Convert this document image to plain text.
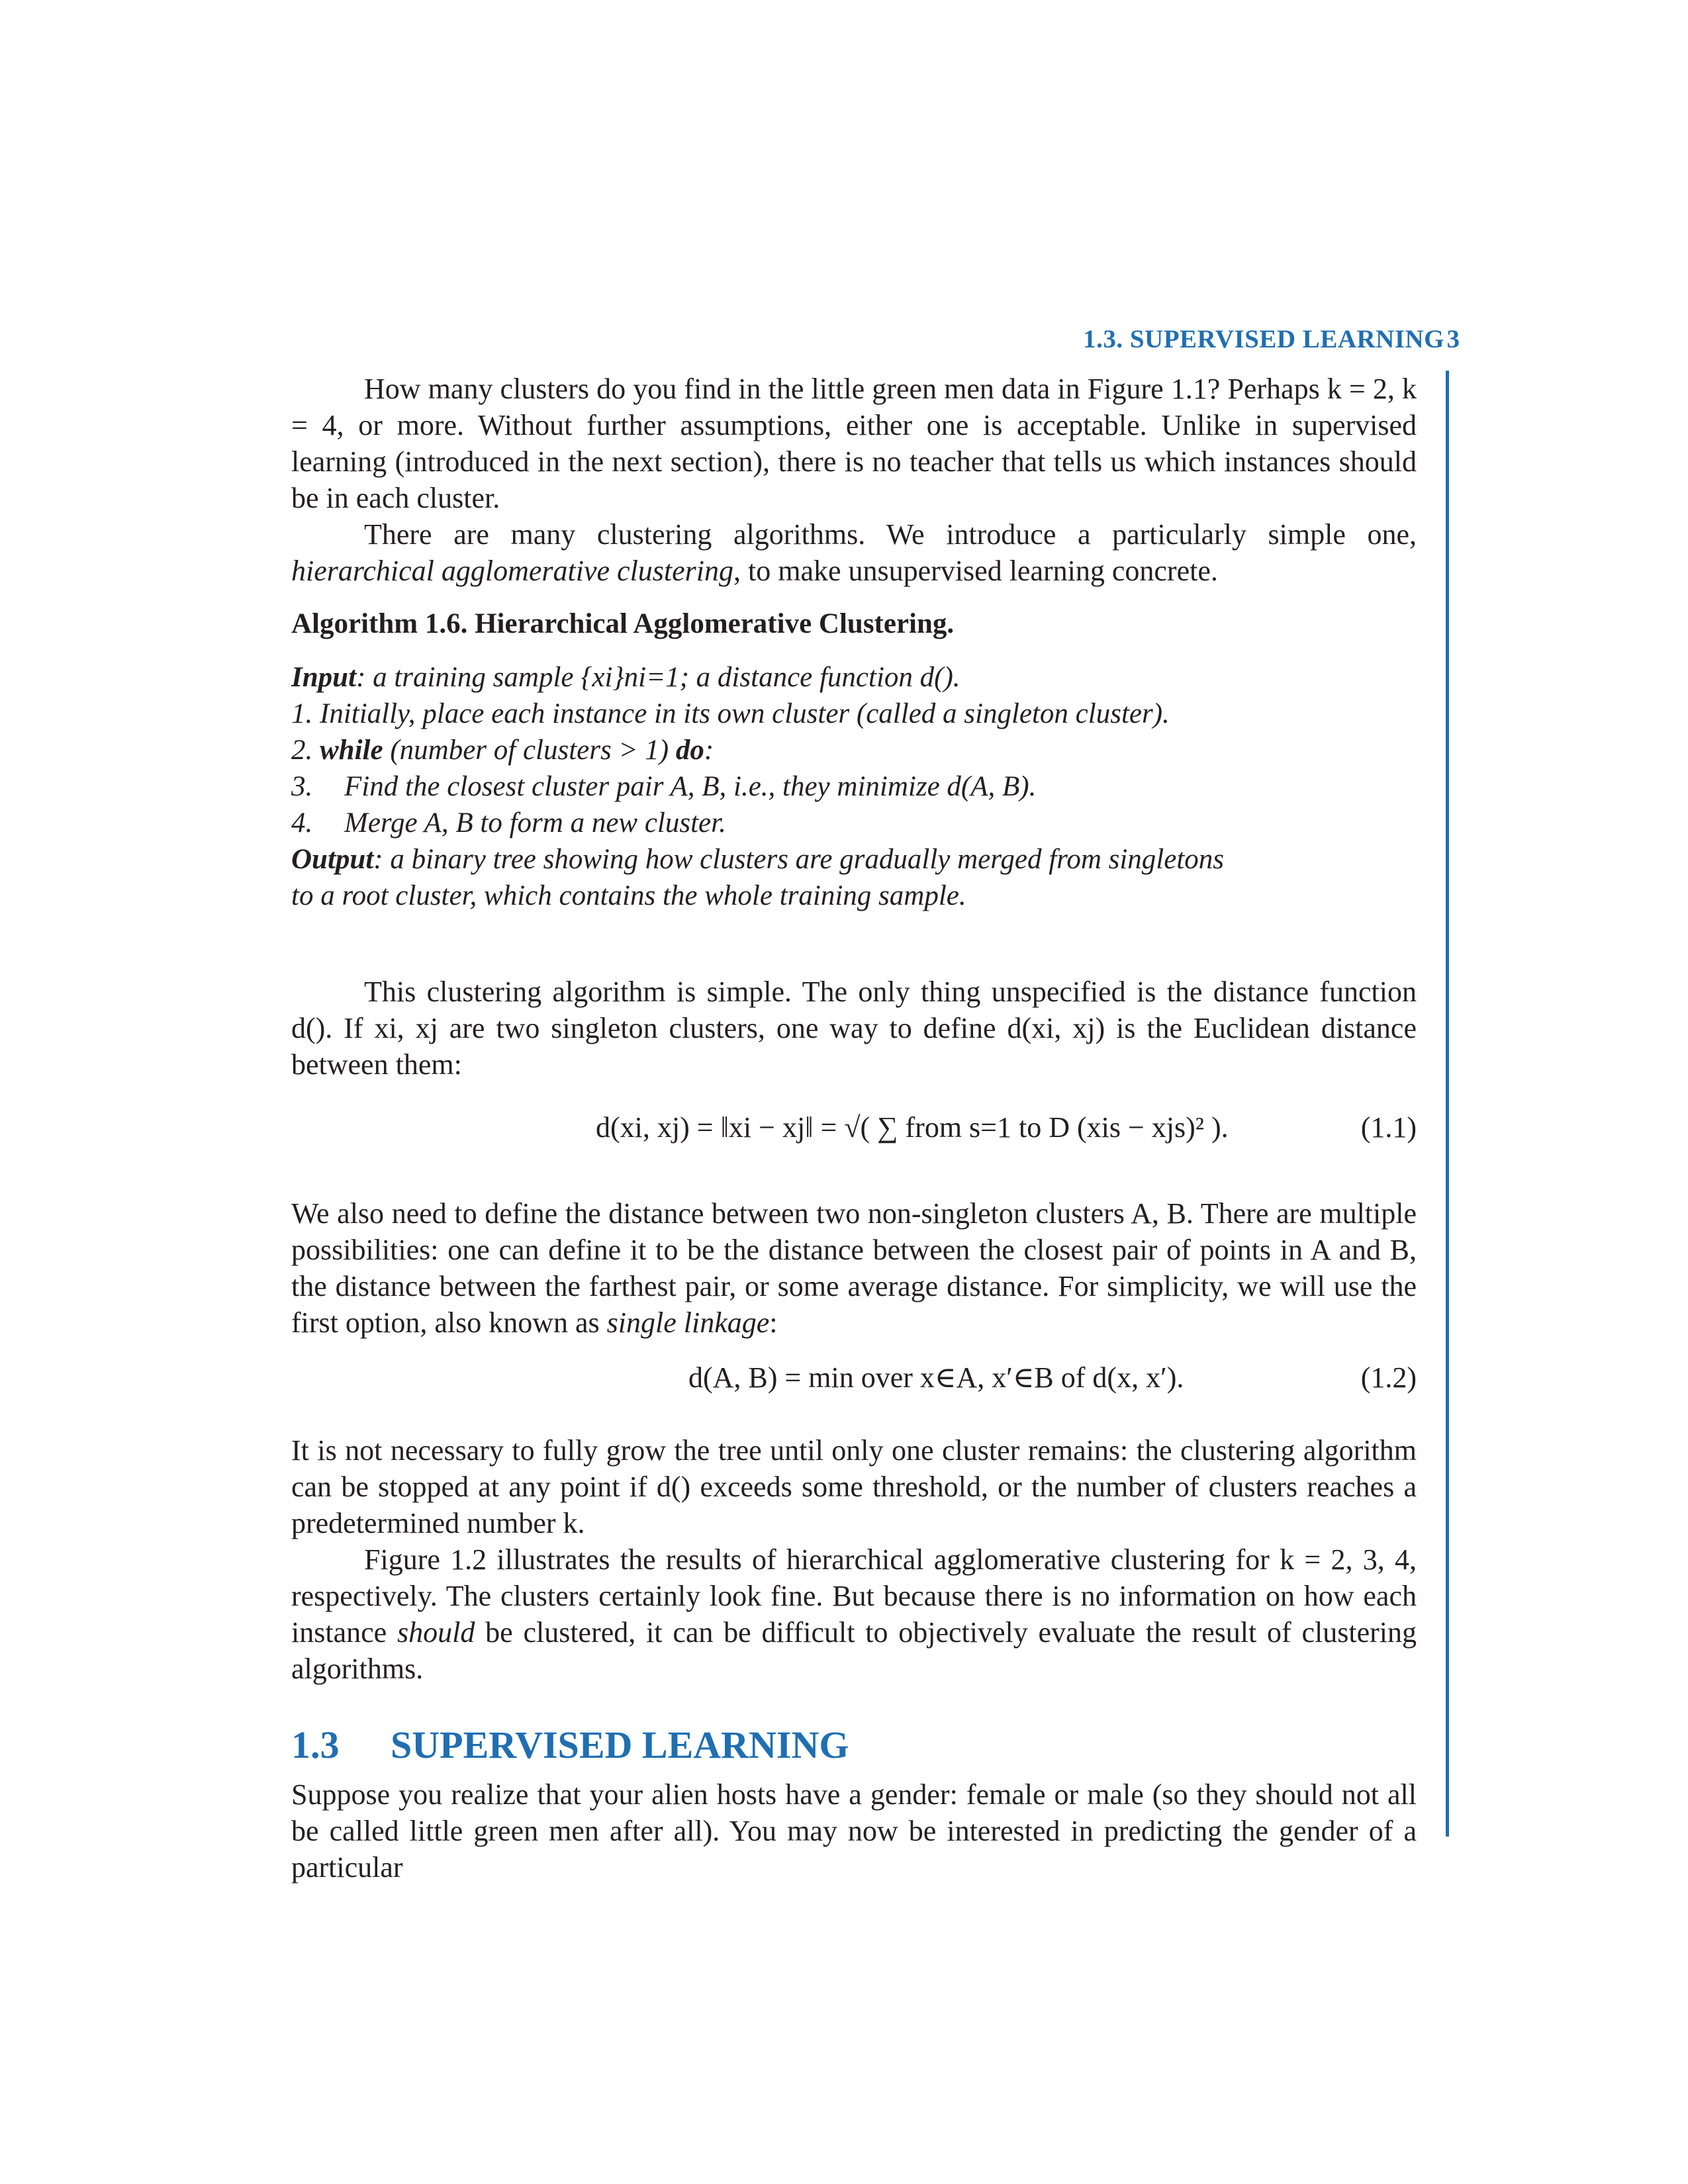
1.3. SUPERVISED LEARNING 3

How many clusters do you find in the little green men data in Figure 1.1? Perhaps k = 2, k = 4, or more. Without further assumptions, either one is acceptable. Unlike in supervised learning (introduced in the next section), there is no teacher that tells us which instances should be in each cluster.

There are many clustering algorithms. We introduce a particularly simple one, hierarchical agglomerative clustering, to make unsupervised learning concrete.

Algorithm 1.6. Hierarchical Agglomerative Clustering.
Input: a training sample {xi}ni=1; a distance function d().
1. Initially, place each instance in its own cluster (called a singleton cluster).
2. while (number of clusters > 1) do:
3. Find the closest cluster pair A, B, i.e., they minimize d(A, B).
4. Merge A, B to form a new cluster.
Output: a binary tree showing how clusters are gradually merged from singletons
to a root cluster, which contains the whole training sample.

This clustering algorithm is simple. The only thing unspecified is the distance function d(). If xi, xj are two singleton clusters, one way to define d(xi, xj) is the Euclidean distance between them:

d(xi, xj) = ‖xi − xj‖ = √( ∑ from s=1 to D (xis − xjs)² ).	(1.1)

We also need to define the distance between two non-singleton clusters A, B. There are multiple possibilities: one can define it to be the distance between the closest pair of points in A and B, the distance between the farthest pair, or some average distance. For simplicity, we will use the first option, also known as single linkage:

d(A, B) = min over x∈A, x′∈B of d(x, x′).	(1.2)

It is not necessary to fully grow the tree until only one cluster remains: the clustering algorithm can be stopped at any point if d() exceeds some threshold, or the number of clusters reaches a predetermined number k.

Figure 1.2 illustrates the results of hierarchical agglomerative clustering for k = 2, 3, 4, respectively. The clusters certainly look fine. But because there is no information on how each instance should be clustered, it can be difficult to objectively evaluate the result of clustering algorithms.

1.3 SUPERVISED LEARNING

Suppose you realize that your alien hosts have a gender: female or male (so they should not all be called little green men after all). You may now be interested in predicting the gender of a particular
